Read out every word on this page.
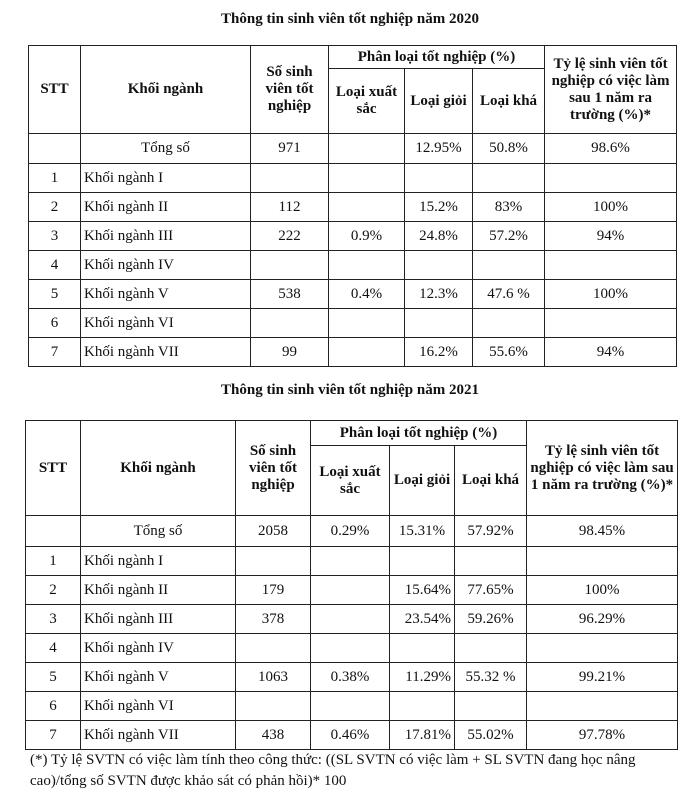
Thông tin sinh viên tốt nghiệp năm 2020
STT	Khối ngành	Số sinh viên tốt nghiệp	Phân loại tốt nghiệp (%)			Tỷ lệ sinh viên tốt nghiệp có việc làm sau 1 năm ra trường (%)*
			Loại xuất sắc	Loại giỏi	Loại khá	
	Tổng số	971		12.95%	50.8%	98.6%
1	Khối ngành I					
2	Khối ngành II	112		15.2%	83%	100%
3	Khối ngành III	222	0.9%	24.8%	57.2%	94%
4	Khối ngành IV					
5	Khối ngành V	538	0.4%	12.3%	47.6 %	100%
6	Khối ngành VI					
7	Khối ngành VII	99		16.2%	55.6%	94%
Thông tin sinh viên tốt nghiệp năm 2021
STT	Khối ngành	Số sinh viên tốt nghiệp	Phân loại tốt nghiệp (%)			Tỷ lệ sinh viên tốt nghiệp có việc làm sau 1 năm ra trường (%)*
			Loại xuất sắc	Loại giỏi	Loại khá	
	Tổng số	2058	0.29%	15.31%	57.92%	98.45%
1	Khối ngành I					
2	Khối ngành II	179		15.64%	77.65%	100%
3	Khối ngành III	378		23.54%	59.26%	96.29%
4	Khối ngành IV					
5	Khối ngành V	1063	0.38%	11.29%	55.32 %	99.21%
6	Khối ngành VI					
7	Khối ngành VII	438	0.46%	17.81%	55.02%	97.78%
(*) Tỷ lệ SVTN có việc làm tính theo công thức: ((SL SVTN có việc làm + SL SVTN đang học nâng cao)/tổng số SVTN được khảo sát có phản hồi)* 100
